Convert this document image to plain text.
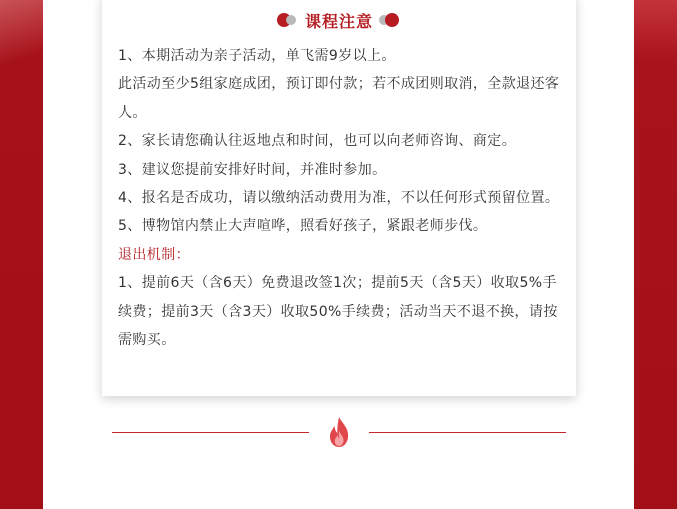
课程注意

1、本期活动为亲子活动，单飞需9岁以上。

此活动至少5组家庭成团，预订即付款；若不成团则取消，全款退还客人。

2、家长请您确认往返地点和时间，也可以向老师咨询、商定。

3、建议您提前安排好时间，并准时参加。

4、报名是否成功，请以缴纳活动费用为准，不以任何形式预留位置。

5、博物馆内禁止大声喧哗，照看好孩子，紧跟老师步伐。

退出机制：

1、提前6天（含6天）免费退改签1次；提前5天（含5天）收取5%手续费；提前3天（含3天）收取50%手续费；活动当天不退不换，请按需购买。
